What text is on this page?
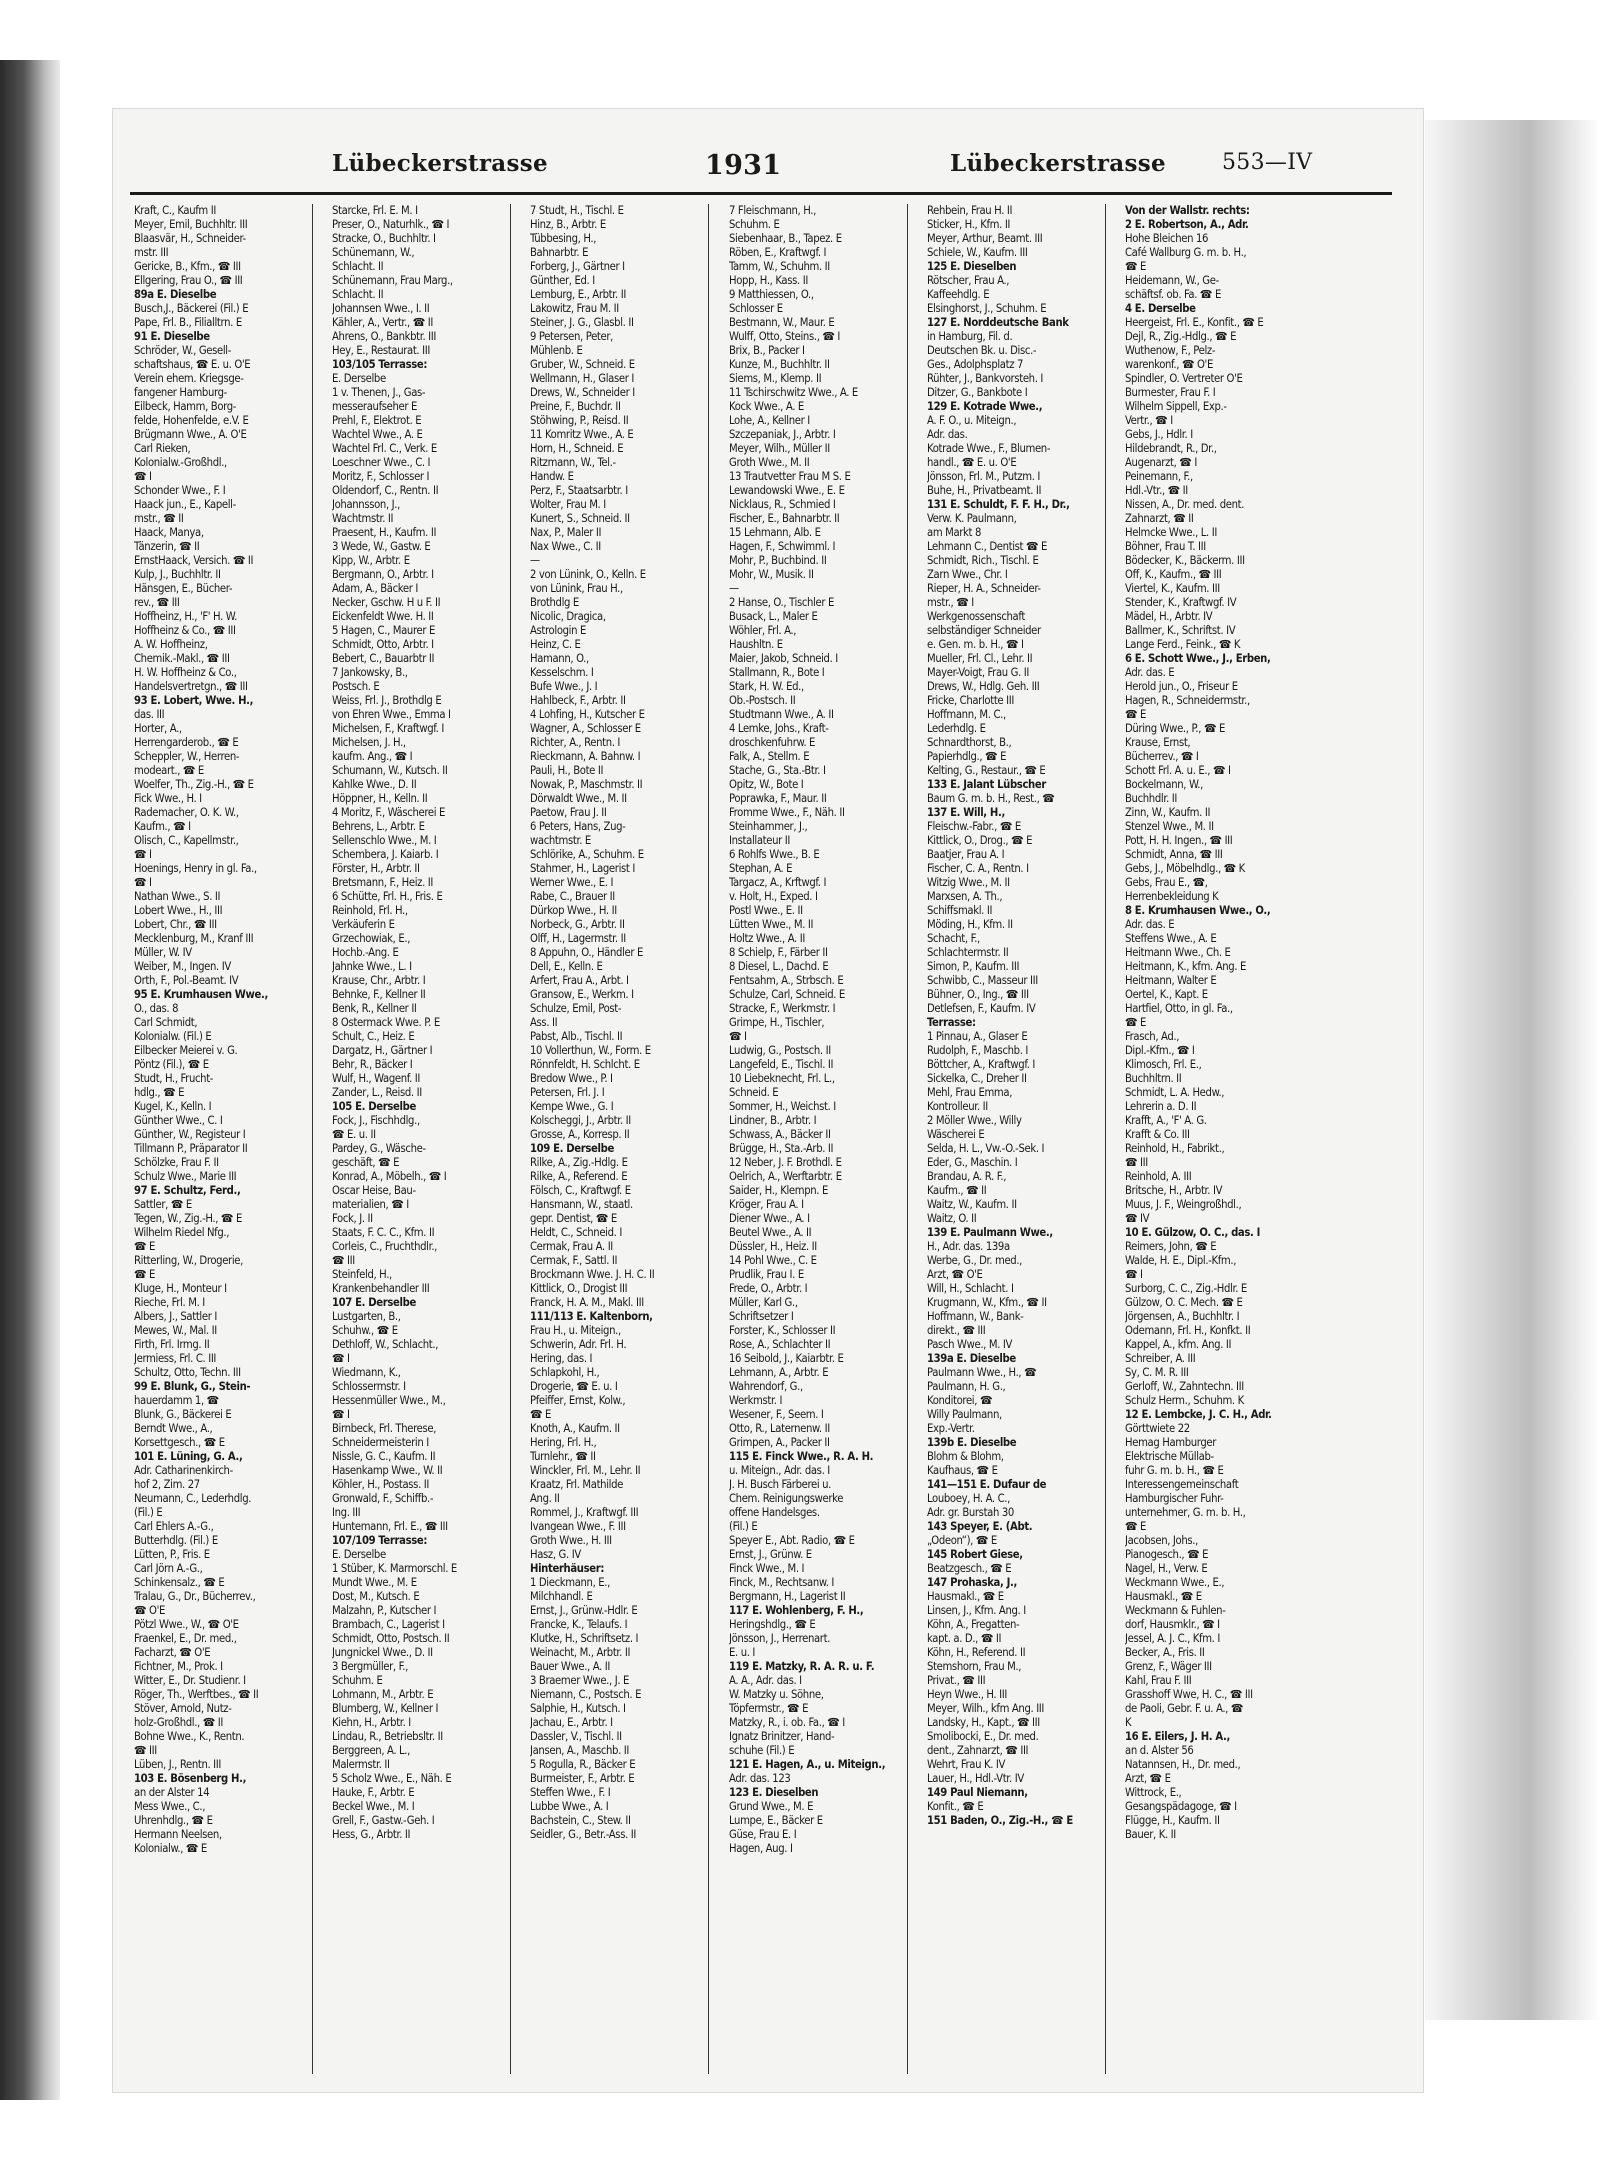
Lübeckerstrasse	1931	Lübeckerstrasse	553—IV
Kraft, C., Kaufm II
Meyer, Emil, Buchhltr. III
Blaasvär, H., Schneider-
mstr. III
Gericke, B., Kfm., ☎ III
Ellgering, Frau O., ☎ III
89a E. Dieselbe
Busch,J., Bäckerei (Fil.) E
Pape, Frl. B., Filialltrn. E
91 E. Dieselbe
Schröder, W., Gesell-
schaftshaus, ☎ E. u. O'E
Verein ehem. Kriegsge-
fangener Hamburg-
Eilbeck, Hamm, Borg-
felde, Hohenfelde, e.V. E
Brügmann Wwe., A. O'E
Carl Rieken,
Kolonialw.-Großhdl.,
☎ I
Schonder Wwe., F. I
Haack jun., E., Kapell-
mstr., ☎ II
Haack, Manya,
Tänzerin, ☎ II
ErnstHaack, Versich. ☎ II
Kulp, J., Buchhltr. II
Hänsgen, E., Bücher-
rev., ☎ III
Hoffheinz, H., 'F' H. W.
Hoffheinz & Co., ☎ III
A. W. Hoffheinz,
Chemik.-Makl., ☎ III
H. W. Hoffheinz & Co.,
Handelsvertretgn., ☎ III
93 E. Lobert, Wwe. H.,
das. III
Horter, A.,
Herrengarderob., ☎ E
Scheppler, W., Herren-
modeart., ☎ E
Woelfer, Th., Zig.-H., ☎ E
Fick Wwe., H. I
Rademacher, O. K. W.,
Kaufm., ☎ I
Olisch, C., Kapellmstr.,
☎ I
Hoenings, Henry in gl. Fa.,
☎ I
Nathan Wwe., S. II
Lobert Wwe., H., III
Lobert, Chr., ☎ III
Mecklenburg, M., Kranf III
Müller, W. IV
Weiber, M., Ingen. IV
Orth, F., Pol.-Beamt. IV
95 E. Krumhausen Wwe.,
O., das. 8
Carl Schmidt,
Kolonialw. (Fil.) E
Eilbecker Meierei v. G.
Pöntz (Fil.), ☎ E
Studt, H., Frucht-
hdlg., ☎ E
Kugel, K., Kelln. I
Günther Wwe., C. I
Günther, W., Registeur I
Tillmann P., Präparator II
Schölzke, Frau F. II
Schulz Wwe., Marie III
97 E. Schultz, Ferd.,
Sattler, ☎ E
Tegen, W., Zig.-H., ☎ E
Wilhelm Riedel Nfg.,
☎ E
Ritterling, W., Drogerie,
☎ E
Kluge, H., Monteur I
Rieche, Frl. M. I
Albers, J., Sattler I
Mewes, W., Mal. II
Firth, Frl. Irmg. II
Jermiess, Frl. C. III
Schultz, Otto, Techn. III
99 E. Blunk, G., Stein-
hauerdamm 1, ☎
Blunk, G., Bäckerei E
Berndt Wwe., A.,
Korsettgesch., ☎ E
101 E. Lüning, G. A.,
Adr. Catharinenkirch-
hof 2, Zim. 27
Neumann, C., Lederhdlg.
(Fil.) E
Carl Ehlers A.-G.,
Butterhdlg. (Fil.) E
Lütten, P., Fris. E
Carl Jörn A.-G.,
Schinkensalz., ☎ E
Tralau, G., Dr., Bücherrev.,
☎ O'E
Pötzl Wwe., W., ☎ O'E
Fraenkel, E., Dr. med.,
Facharzt, ☎ O'E
Fichtner, M., Prok. I
Witter, E., Dr. Studienr. I
Röger, Th., Werftbes., ☎ II
Stöver, Arnold, Nutz-
holz-Großhdl., ☎ II
Bohne Wwe., K., Rentn.
☎ III
Lüben, J., Rentn. III
103 E. Bösenberg H.,
an der Alster 14
Mess Wwe., C.,
Uhrenhdlg., ☎ E
Hermann Neelsen,
Kolonialw., ☎ E
Starcke, Frl. E. M. I
Preser, O., Naturhlk., ☎ I
Stracke, O., Buchhltr. I
Schünemann, W.,
Schlacht. II
Schünemann, Frau Marg.,
Schlacht. II
Johannsen Wwe., I. II
Kähler, A., Vertr., ☎ II
Ahrens, O., Bankbtr. III
Hey, E., Restaurat. III
103/105 Terrasse:
E. Derselbe
1 v. Thenen, J., Gas-
messeraufseher E
Prehl, F., Elektrot. E
Wachtel Wwe., A. E
Wachtel Frl. C., Verk. E
Loeschner Wwe., C. I
Moritz, F., Schlosser I
Oldendorf, C., Rentn. II
Johannsson, J.,
Wachtmstr. II
Praesent, H., Kaufm. II
3 Wede, W., Gastw. E
Kipp, W., Arbtr. E
Bergmann, O., Arbtr. I
Adam, A., Bäcker I
Necker, Gschw. H u F. II
Eickenfeldt Wwe. H. II
5 Hagen, C., Maurer E
Schmidt, Otto, Arbtr. I
Bebert, C., Bauarbtr II
7 Jankowsky, B.,
Postsch. E
Weiss, Frl. J., Brothdlg E
von Ehren Wwe., Emma I
Michelsen, F., Kraftwgf. I
Michelsen, J. H.,
kaufm. Ang., ☎ I
Schumann, W., Kutsch. II
Kahlke Wwe., D. II
Höppner, H., Kelln. II
4 Moritz, F., Wäscherei E
Behrens, L., Arbtr. E
Sellenschlo Wwe., M. I
Schembera, J. Kaiarb. I
Förster, H., Arbtr. II
Bretsmann, F., Heiz. II
6 Schütte, Frl. H., Fris. E
Reinhold, Frl. H.,
Verkäuferin E
Grzechowiak, E.,
Hochb.-Ang. E
Jahnke Wwe., L. I
Krause, Chr., Arbtr. I
Behnke, F., Kellner II
Benk, R., Kellner II
8 Ostermack Wwe. P. E
Schult, C., Heiz. E
Dargatz, H., Gärtner I
Behr, R., Bäcker I
Wulf, H., Wagenf. II
Zander, L., Reisd. II
105 E. Derselbe
Fock, J., Fischhdlg.,
☎ E. u. II
Pardey, G., Wäsche-
geschäft, ☎ E
Konrad, A., Möbelh., ☎ I
Oscar Heise, Bau-
materialien, ☎ I
Fock, J. II
Staats, F. C. C., Kfm. II
Corleis, C., Fruchthdlr.,
☎ III
Steinfeld, H.,
Krankenbehandler III
107 E. Derselbe
Lustgarten, B.,
Schuhw., ☎ E
Dethloff, W., Schlacht.,
☎ I
Wiedmann, K.,
Schlossermstr. I
Hessenmüller Wwe., M.,
☎ I
Birnbeck, Frl. Therese,
Schneidermeisterin I
Nissle, G. C., Kaufm. II
Hasenkamp Wwe., W. II
Köhler, H., Postass. II
Gronwald, F., Schiffb.-
Ing. III
Huntemann, Frl. E., ☎ III
107/109 Terrasse:
E. Derselbe
1 Stüber, K. Marmorschl. E
Mundt Wwe., M. E
Dost, M., Kutsch. E
Malzahn, P., Kutscher I
Brambach, C., Lagerist I
Schmidt, Otto, Postsch. II
Jungnickel Wwe., D. II
3 Bergmüller, F.,
Schuhm. E
Lohmann, M., Arbtr. E
Blumberg, W., Kellner I
Kiehn, H., Arbtr. I
Lindau, R., Betriebsltr. II
Berggreen, A. L.,
Malermstr. II
5 Scholz Wwe., E., Näh. E
Hauke, F., Arbtr. E
Beckel Wwe., M. I
Grell, F., Gastw.-Geh. I
Hess, G., Arbtr. II
7 Studt, H., Tischl. E
Hinz, B., Arbtr. E
Tübbesing, H.,
Bahnarbtr. E
Forberg, J., Gärtner I
Günther, Ed. I
Lemburg, E., Arbtr. II
Lakowitz, Frau M. II
Steiner, J. G., Glasbl. II
9 Petersen, Peter,
Mühlenb. E
Gruber, W., Schneid. E
Wellmann, H., Glaser I
Drews, W., Schneider I
Preine, F., Buchdr. II
Stöhwing, P., Reisd. II
11 Komritz Wwe., A. E
Horn, H., Schneid. E
Ritzmann, W., Tel.-
Handw. E
Perz, F., Staatsarbtr. I
Wolter, Frau M. I
Kunert, S., Schneid. II
Nax, P., Maler II
Nax Wwe., C. II
—
2 von Lünink, O., Kelln. E
von Lünink, Frau H.,
Brothdlg E
Nicolic, Dragica,
Astrologin E
Heinz, C. E
Hamann, O.,
Kesselschm. I
Bufe Wwe., J. I
Hahlbeck, F., Arbtr. II
4 Lohfing, H., Kutscher E
Wagner, A., Schlosser E
Richter, A., Rentn. I
Rieckmann, A. Bahnw. I
Pauli, H., Bote II
Nowak, P., Maschmstr. II
Dörwaldt Wwe., M. II
Paetow, Frau J. II
6 Peters, Hans, Zug-
wachtmstr. E
Schlörike, A., Schuhm. E
Stahmer, H., Lagerist I
Werner Wwe., E. I
Rabe, C., Brauer II
Dürkop Wwe., H. II
Norbeck, G., Arbtr. II
Olff, H., Lagermstr. II
8 Appuhn, O., Händler E
Dell, E., Kelln. E
Arfert, Frau A., Arbt. I
Gransow, E., Werkm. I
Schulze, Emil, Post-
Ass. II
Pabst, Alb., Tischl. II
10 Vollerthun, W., Form. E
Rönnfeldt, H. Schlcht. E
Bredow Wwe., P. I
Petersen, Frl. J. I
Kempe Wwe., G. I
Kolscheggi, J., Arbtr. II
Grosse, A., Korresp. II
109 E. Derselbe
Rilke, A., Zig.-Hdlg. E
Rilke, A., Referend. E
Fölsch, C., Kraftwgf. E
Hansmann, W., staatl.
gepr. Dentist, ☎ E
Heldt, C., Schneid. I
Cermak, Frau A. II
Cermak, F., Sattl. II
Brockmann Wwe. J. H. C. II
Kittlick, O., Drogist III
Franck, H. A. M., Makl. III
111/113 E. Kaltenborn,
Frau H., u. Miteign.,
Schwerin, Adr. Frl. H.
Hering, das. I
Schlapkohl, H.,
Drogerie, ☎ E. u. I
Pfeiffer, Ernst, Kolw.,
☎ E
Knoth, A., Kaufm. II
Hering, Frl. H.,
Turnlehr., ☎ II
Winckler, Frl. M., Lehr. II
Kraatz, Frl. Mathilde
Ang. II
Rommel, J., Kraftwgf. III
Ivangean Wwe., F. III
Groth Wwe., H. III
Hasz, G. IV
Hinterhäuser:
1 Dieckmann, E.,
Milchhandl. E
Ernst, J., Grünw.-Hdlr. E
Francke, K., Telaufs. I
Klutke, H., Schriftsetz. I
Weinacht, M., Arbtr. II
Bauer Wwe., A. II
3 Braemer Wwe., J. E
Niemann, C., Postsch. E
Salphie, H., Kutsch. I
Jachau, E., Arbtr. I
Dassler, V., Tischl. II
Jansen, A., Maschb. II
5 Rogulla, R., Bäcker E
Burmeister, F., Arbtr. E
Steffen Wwe., F. I
Lubbe Wwe., A. I
Bachstein, C., Stew. II
Seidler, G., Betr.-Ass. II
7 Fleischmann, H.,
Schuhm. E
Siebenhaar, B., Tapez. E
Röben, E., Kraftwgf. I
Tamm, W., Schuhm. II
Hopp, H., Kass. II
9 Matthiessen, O.,
Schlosser E
Bestmann, W., Maur. E
Wulff, Otto, Steins., ☎ I
Brix, B., Packer I
Kunze, M., Buchhltr. II
Siems, M., Klemp. II
11 Tschirschwitz Wwe., A. E
Kock Wwe., A. E
Lohe, A., Kellner I
Szczepaniak, J., Arbtr. I
Meyer, Wilh., Müller II
Groth Wwe., M. II
13 Trautvetter Frau M S. E
Lewandowski Wwe., E. E
Nicklaus, R., Schmied I
Fischer, E., Bahnarbtr. II
15 Lehmann, Alb. E
Hagen, F., Schwimml. I
Mohr, P., Buchbind. II
Mohr, W., Musik. II
—
2 Hanse, O., Tischler E
Busack, L., Maler E
Wöhler, Frl. A.,
Haushltn. E
Maier, Jakob, Schneid. I
Stallmann, R., Bote I
Stark, H. W. Ed.,
Ob.-Postsch. II
Studtmann Wwe., A. II
4 Lemke, Johs., Kraft-
droschkenfuhrw. E
Falk, A., Stellm. E
Stache, G., Sta.-Btr. I
Opitz, W., Bote I
Poprawka, F., Maur. II
Fromme Wwe., F., Näh. II
Steinhammer, J.,
Installateur II
6 Rohlfs Wwe., B. E
Stephan, A. E
Targacz, A., Krftwgf. I
v. Holt, H., Exped. I
Postl Wwe., E. II
Lütten Wwe., M. II
Holtz Wwe., A. II
8 Schielp, F., Färber II
8 Diesel, L., Dachd. E
Fentsahm, A., Strbsch. E
Schulze, Carl, Schneid. E
Stracke, F., Werkmstr. I
Grimpe, H., Tischler,
☎ I
Ludwig, G., Postsch. II
Langefeld, E., Tischl. II
10 Liebeknecht, Frl. L.,
Schneid. E
Sommer, H., Weichst. I
Lindner, B., Arbtr. I
Schwass, A., Bäcker II
Brügge, H., Sta.-Arb. II
12 Neber, J. F. Brothdl. E
Oelrich, A., Werftarbtr. E
Saider, H., Klempn. E
Kröger, Frau A. I
Diener Wwe., A. I
Beutel Wwe., A. II
Düssler, H., Heiz. II
14 Pohl Wwe., C. E
Prudlik, Frau I. E
Frede, O., Arbtr. I
Müller, Karl G.,
Schriftsetzer I
Forster, K., Schlosser II
Rose, A., Schlachter II
16 Seibold, J., Kaiarbtr. E
Lehmann, A., Arbtr. E
Wahrendorf, G.,
Werkmstr. I
Wesener, F., Seem. I
Otto, R., Laternenw. II
Grimpen, A., Packer II
115 E. Finck Wwe., R. A. H.
u. Miteign., Adr. das. I
J. H. Busch Färberei u.
Chem. Reinigungswerke
offene Handelsges.
(Fil.) E
Speyer E., Abt. Radio, ☎ E
Ernst, J., Grünw. E
Finck Wwe., M. I
Finck, M., Rechtsanw. I
Bergmann, H., Lagerist II
117 E. Wohlenberg, F. H.,
Heringshdlg., ☎ E
Jönsson, J., Herrenart.
E. u. I
119 E. Matzky, R. A. R. u. F.
A. A., Adr. das. I
W. Matzky u. Söhne,
Töpfermstr., ☎ E
Matzky, R., i. ob. Fa., ☎ I
Ignatz Brinitzer, Hand-
schuhe (Fil.) E
121 E. Hagen, A., u. Miteign.,
Adr. das. 123
123 E. Dieselben
Grund Wwe., M. E
Lumpe, E., Bäcker E
Güse, Frau E. I
Hagen, Aug. I
Rehbein, Frau H. II
Sticker, H., Kfm. II
Meyer, Arthur, Beamt. III
Schiele, W., Kaufm. III
125 E. Dieselben
Rötscher, Frau A.,
Kaffeehdlg. E
Elsinghorst, J., Schuhm. E
127 E. Norddeutsche Bank
in Hamburg, Fil. d.
Deutschen Bk. u. Disc.-
Ges., Adolphsplatz 7
Rühter, J., Bankvorsteh. I
Ditzer, G., Bankbote I
129 E. Kotrade Wwe.,
A. F. O., u. Miteign.,
Adr. das.
Kotrade Wwe., F., Blumen-
handl., ☎ E. u. O'E
Jönsson, Frl. M., Putzm. I
Buhe, H., Privatbeamt. II
131 E. Schuldt, F. F. H., Dr.,
Verw. K. Paulmann,
am Markt 8
Lehmann C., Dentist ☎ E
Schmidt, Rich., Tischl. E
Zarn Wwe., Chr. I
Rieper, H. A., Schneider-
mstr., ☎ I
Werkgenossenschaft
selbständiger Schneider
e. Gen. m. b. H., ☎ I
Mueller, Frl. Cl., Lehr. II
Mayer-Voigt, Frau G. II
Drews, W., Hdlg. Geh. III
Fricke, Charlotte III
Hoffmann, M. C.,
Lederhdlg. E
Schnardthorst, B.,
Papierhdlg., ☎ E
Kelting, G., Restaur., ☎ E
133 E. Jalant Lübscher
Baum G. m. b. H., Rest., ☎
137 E. Will, H.,
Fleischw.-Fabr., ☎ E
Kittlick, O., Drog., ☎ E
Baatjer, Frau A. I
Fischer, C. A., Rentn. I
Witzig Wwe., M. II
Marxsen, A. Th.,
Schiffsmakl. II
Möding, H., Kfm. II
Schacht, F.,
Schlachtermstr. II
Simon, P., Kaufm. III
Schwibb, C., Masseur III
Bühner, O., Ing., ☎ III
Detlefsen, F., Kaufm. IV
Terrasse:
1 Pinnau, A., Glaser E
Rudolph, F., Maschb. I
Böttcher, A., Kraftwgf. I
Sickelka, C., Dreher II
Mehl, Frau Emma,
Kontrolleur. II
2 Möller Wwe., Willy
Wäscherei E
Selda, H. L., Vw.-O.-Sek. I
Eder, G., Maschin. I
Brandau, A. R. F.,
Kaufm., ☎ II
Waitz, W., Kaufm. II
Waitz, O. II
139 E. Paulmann Wwe.,
H., Adr. das. 139a
Werbe, G., Dr. med.,
Arzt, ☎ O'E
Will, H., Schlacht. I
Krugmann, W., Kfm., ☎ II
Hoffmann, W., Bank-
direkt., ☎ III
Pasch Wwe., M. IV
139a E. Dieselbe
Paulmann Wwe., H., ☎
Paulmann, H. G.,
Konditorei, ☎
Willy Paulmann,
Exp.-Vertr.
139b E. Dieselbe
Blohm & Blohm,
Kaufhaus, ☎ E
141—151 E. Dufaur de
Louboey, H. A. C.,
Adr. gr. Burstah 30
143 Speyer, E. (Abt.
„Odeon“), ☎ E
145 Robert Giese,
Beatzgesch., ☎ E
147 Prohaska, J.,
Hausmakl., ☎ E
Linsen, J., Kfm. Ang. I
Köhn, A., Fregatten-
kapt. a. D., ☎ II
Köhn, H., Referend. II
Stemshorn, Frau M.,
Privat., ☎ III
Heyn Wwe., H. III
Meyer, Wilh., kfm Ang. III
Landsky, H., Kapt., ☎ III
Smolibocki, E., Dr. med.
dent., Zahnarzt, ☎ III
Wehrt, Frau K. IV
Lauer, H., Hdl.-Vtr. IV
149 Paul Niemann,
Konfit., ☎ E
151 Baden, O., Zig.-H., ☎ E
Von der Wallstr. rechts:
2 E. Robertson, A., Adr.
Hohe Bleichen 16
Café Wallburg G. m. b. H.,
☎ E
Heidemann, W., Ge-
schäftsf. ob. Fa. ☎ E
4 E. Derselbe
Heergeist, Frl. E., Konfit., ☎ E
Dejl, R., Zig.-Hdlg., ☎ E
Wuthenow, F., Pelz-
warenkonf., ☎ O'E
Spindler, O. Vertreter O'E
Burmester, Frau F. I
Wilhelm Sippell, Exp.-
Vertr., ☎ I
Gebs, J., Hdlr. I
Hildebrandt, R., Dr.,
Augenarzt, ☎ I
Peinemann, F.,
Hdl.-Vtr., ☎ II
Nissen, A., Dr. med. dent.
Zahnarzt, ☎ II
Helmcke Wwe., L. II
Böhner, Frau T. III
Bödecker, K., Bäckerm. III
Off, K., Kaufm., ☎ III
Viertel, K., Kaufm. III
Stender, K., Kraftwgf. IV
Mädel, H., Arbtr. IV
Ballmer, K., Schriftst. IV
Lange Ferd., Feink., ☎ K
6 E. Schott Wwe., J., Erben,
Adr. das. E
Herold jun., O., Friseur E
Hagen, R., Schneidermstr.,
☎ E
Düring Wwe., P., ☎ E
Krause, Ernst,
Bücherrev., ☎ I
Schott Frl. A. u. E., ☎ I
Bockelmann, W.,
Buchhdlr. II
Zinn, W., Kaufm. II
Stenzel Wwe., M. II
Pott, H. H. Ingen., ☎ III
Schmidt, Anna, ☎ III
Gebs, J., Möbelhdlg., ☎ K
Gebs, Frau E., ☎,
Herrenbekleidung K
8 E. Krumhausen Wwe., O.,
Adr. das. E
Steffens Wwe., A. E
Heitmann Wwe., Ch. E
Heitmann, K., kfm. Ang. E
Heitmann, Walter E
Oertel, K., Kapt. E
Hartfiel, Otto, in gl. Fa.,
☎ E
Frasch, Ad.,
Dipl.-Kfm., ☎ I
Klimosch, Frl. E.,
Buchhltrn. II
Schmidt, L. A. Hedw.,
Lehrerin a. D. II
Krafft, A., 'F' A. G.
Krafft & Co. III
Reinhold, H., Fabrikt.,
☎ III
Reinhold, A. III
Britsche, H., Arbtr. IV
Muus, J. F., Weingroßhdl.,
☎ IV
10 E. Gülzow, O. C., das. I
Reimers, John, ☎ E
Walde, H. E., Dipl.-Kfm.,
☎ I
Surborg, C. C., Zig.-Hdlr. E
Gülzow, O. C. Mech. ☎ E
Jörgensen, A., Buchhltr. I
Odemann, Frl. H., Konfkt. II
Kappel, A., kfm. Ang. II
Schreiber, A. III
Sy, C. M. R. III
Gerloff, W., Zahntechn. III
Schulz Herm., Schuhm. K
12 E. Lembcke, J. C. H., Adr.
Görttwiete 22
Hemag Hamburger
Elektrische Müllab-
fuhr G. m. b. H., ☎ E
Interessengemeinschaft
Hamburgischer Fuhr-
unternehmer, G. m. b. H.,
☎ E
Jacobsen, Johs.,
Pianogesch., ☎ E
Nagel, H., Verw. E
Weckmann Wwe., E.,
Hausmakl., ☎ E
Weckmann & Fuhlen-
dorf, Hausmklr., ☎ I
Jessel, A. J. C., Kfm. I
Becker, A., Fris. II
Grenz, F., Wäger III
Kahl, Frau F. III
Grasshoff Wwe, H. C., ☎ III
de Paoli, Gebr. F. u. A., ☎
K
16 E. Eilers, J. H. A.,
an d. Alster 56
Natannsen, H., Dr. med.,
Arzt, ☎ E
Wittrock, E.,
Gesangspädagoge, ☎ I
Flügge, H., Kaufm. II
Bauer, K. II
